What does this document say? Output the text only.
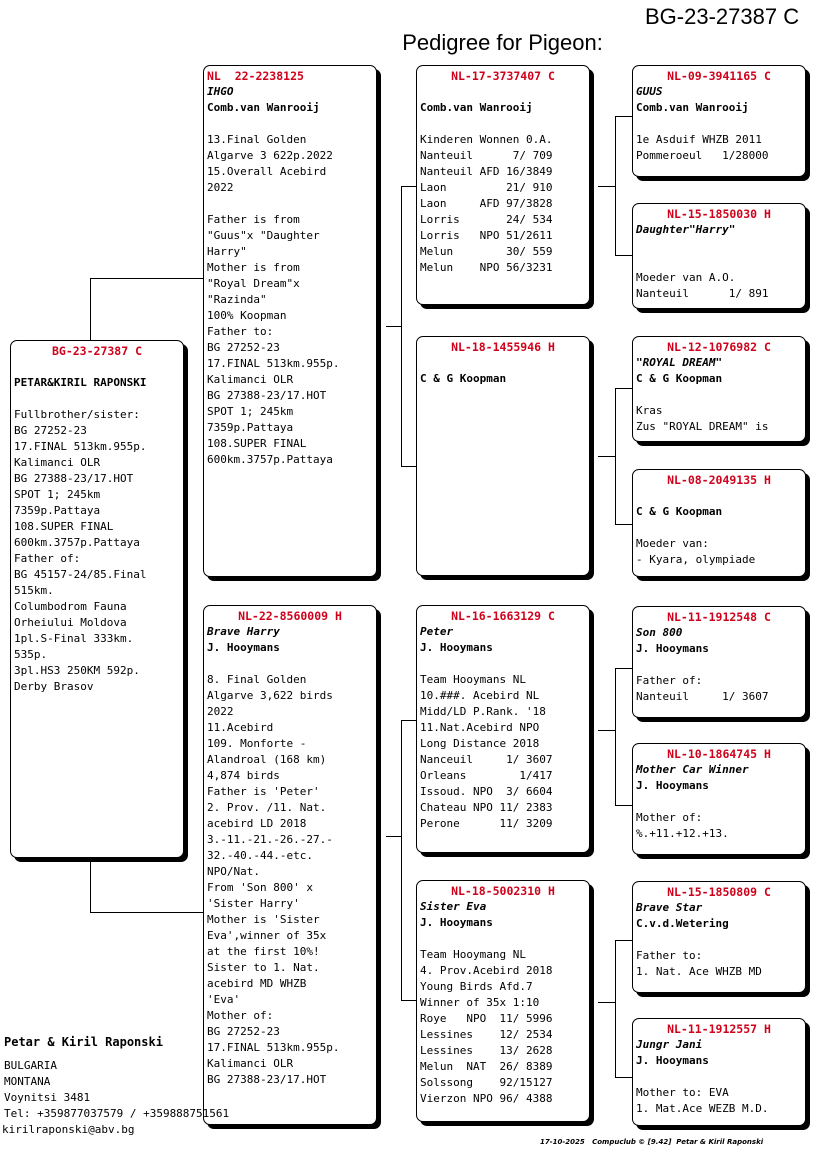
Pedigree for Pigeon:

BG-23-27387 C

BG-23-27387 C
PETAR&KIRIL RAPONSKI
Fullbrother/sister:
BG 27252-23
17.FINAL 513km.955p.
Kalimanci OLR
BG 27388-23/17.HOT
SPOT 1; 245km
7359p.Pattaya
108.SUPER FINAL
600km.3757p.Pattaya
Father of:
BG 45157-24/85.Final
515km.
Columbodrom Fauna
Orheiului Moldova
1pl.S-Final 333km.
535p.
3pl.HS3 250KM 592p.
Derby Brasov
NL  22-2238125
IHGO
Comb.van Wanrooij
13.Final Golden
Algarve 3 622p.2022
15.Overall Acebird
2022

Father is from
"Guus"x "Daughter
Harry"
Mother is from
"Royal Dream"x
"Razinda"
100% Koopman
Father to:
BG 27252-23
17.FINAL 513km.955p.
Kalimanci OLR
BG 27388-23/17.HOT
SPOT 1; 245km
7359p.Pattaya
108.SUPER FINAL
600km.3757p.Pattaya
NL-22-8560009 H
Brave Harry
J. Hooymans
8. Final Golden
Algarve 3,622 birds
2022
11.Acebird
109. Monforte -
Alandroal (168 km)
4,874 birds
Father is 'Peter'
2. Prov. /11. Nat.
acebird LD 2018
3.-11.-21.-26.-27.-
32.-40.-44.-etc.
NPO/Nat.
From 'Son 800' x
'Sister Harry'
Mother is 'Sister
Eva',winner of 35x
at the first 10%!
Sister to 1. Nat.
acebird MD WHZB
'Eva'
Mother of:
BG 27252-23
17.FINAL 513km.955p.
Kalimanci OLR
BG 27388-23/17.HOT
NL-17-3737407 C
Comb.van Wanrooij
Kinderen Wonnen 0.A.
Nanteuil      7/ 709
Nanteuil AFD 16/3849
Laon         21/ 910
Laon     AFD 97/3828
Lorris       24/ 534
Lorris   NPO 51/2611
Melun        30/ 559
Melun    NPO 56/3231
NL-18-1455946 H
C & G Koopman
NL-16-1663129 C
Peter
J. Hooymans
Team Hooymans NL
10.###. Acebird NL
Midd/LD P.Rank. '18
11.Nat.Acebird NPO
Long Distance 2018
Nanceuil     1/ 3607
Orleans        1/417
Issoud. NPO  3/ 6604
Chateau NPO 11/ 2383
Perone      11/ 3209
NL-18-5002310 H
Sister Eva
J. Hooymans
Team Hooymang NL
4. Prov.Acebird 2018
Young Birds Afd.7
Winner of 35x 1:10
Roye   NPO  11/ 5996
Lessines    12/ 2534
Lessines    13/ 2628
Melun  NAT  26/ 8389
Solssong    92/15127
Vierzon NPO 96/ 4388
NL-09-3941165 C
GUUS
Comb.van Wanrooij
1e Asduif WHZB 2011
Pommeroeul   1/28000
NL-15-1850030 H
Daughter"Harry"
Moeder van A.O.
Nanteuil      1/ 891
NL-12-1076982 C
"ROYAL DREAM"
C & G Koopman
Kras
Zus "ROYAL DREAM" is
NL-08-2049135 H
C & G Koopman
Moeder van:
- Kyara, olympiade
NL-11-1912548 C
Son 800
J. Hooymans
Father of:
Nanteuil     1/ 3607
NL-10-1864745 H
Mother Car Winner
J. Hooymans
Mother of:
%.+11.+12.+13.
NL-15-1850809 C
Brave Star
C.v.d.Wetering
Father to:
1. Nat. Ace WHZB MD
NL-11-1912557 H
Jungr Jani
J. Hooymans
Mother to: EVA
1. Mat.Ace WEZB M.D.
Petar & Kiril Raponski
BULGARIA
MONTANA
Voynitsi 3481
Tel: +359877037579 / +359888751561
kirilraponski@abv.bg
17-10-2025   Compuclub © [9.42]  Petar & Kiril Raponski
